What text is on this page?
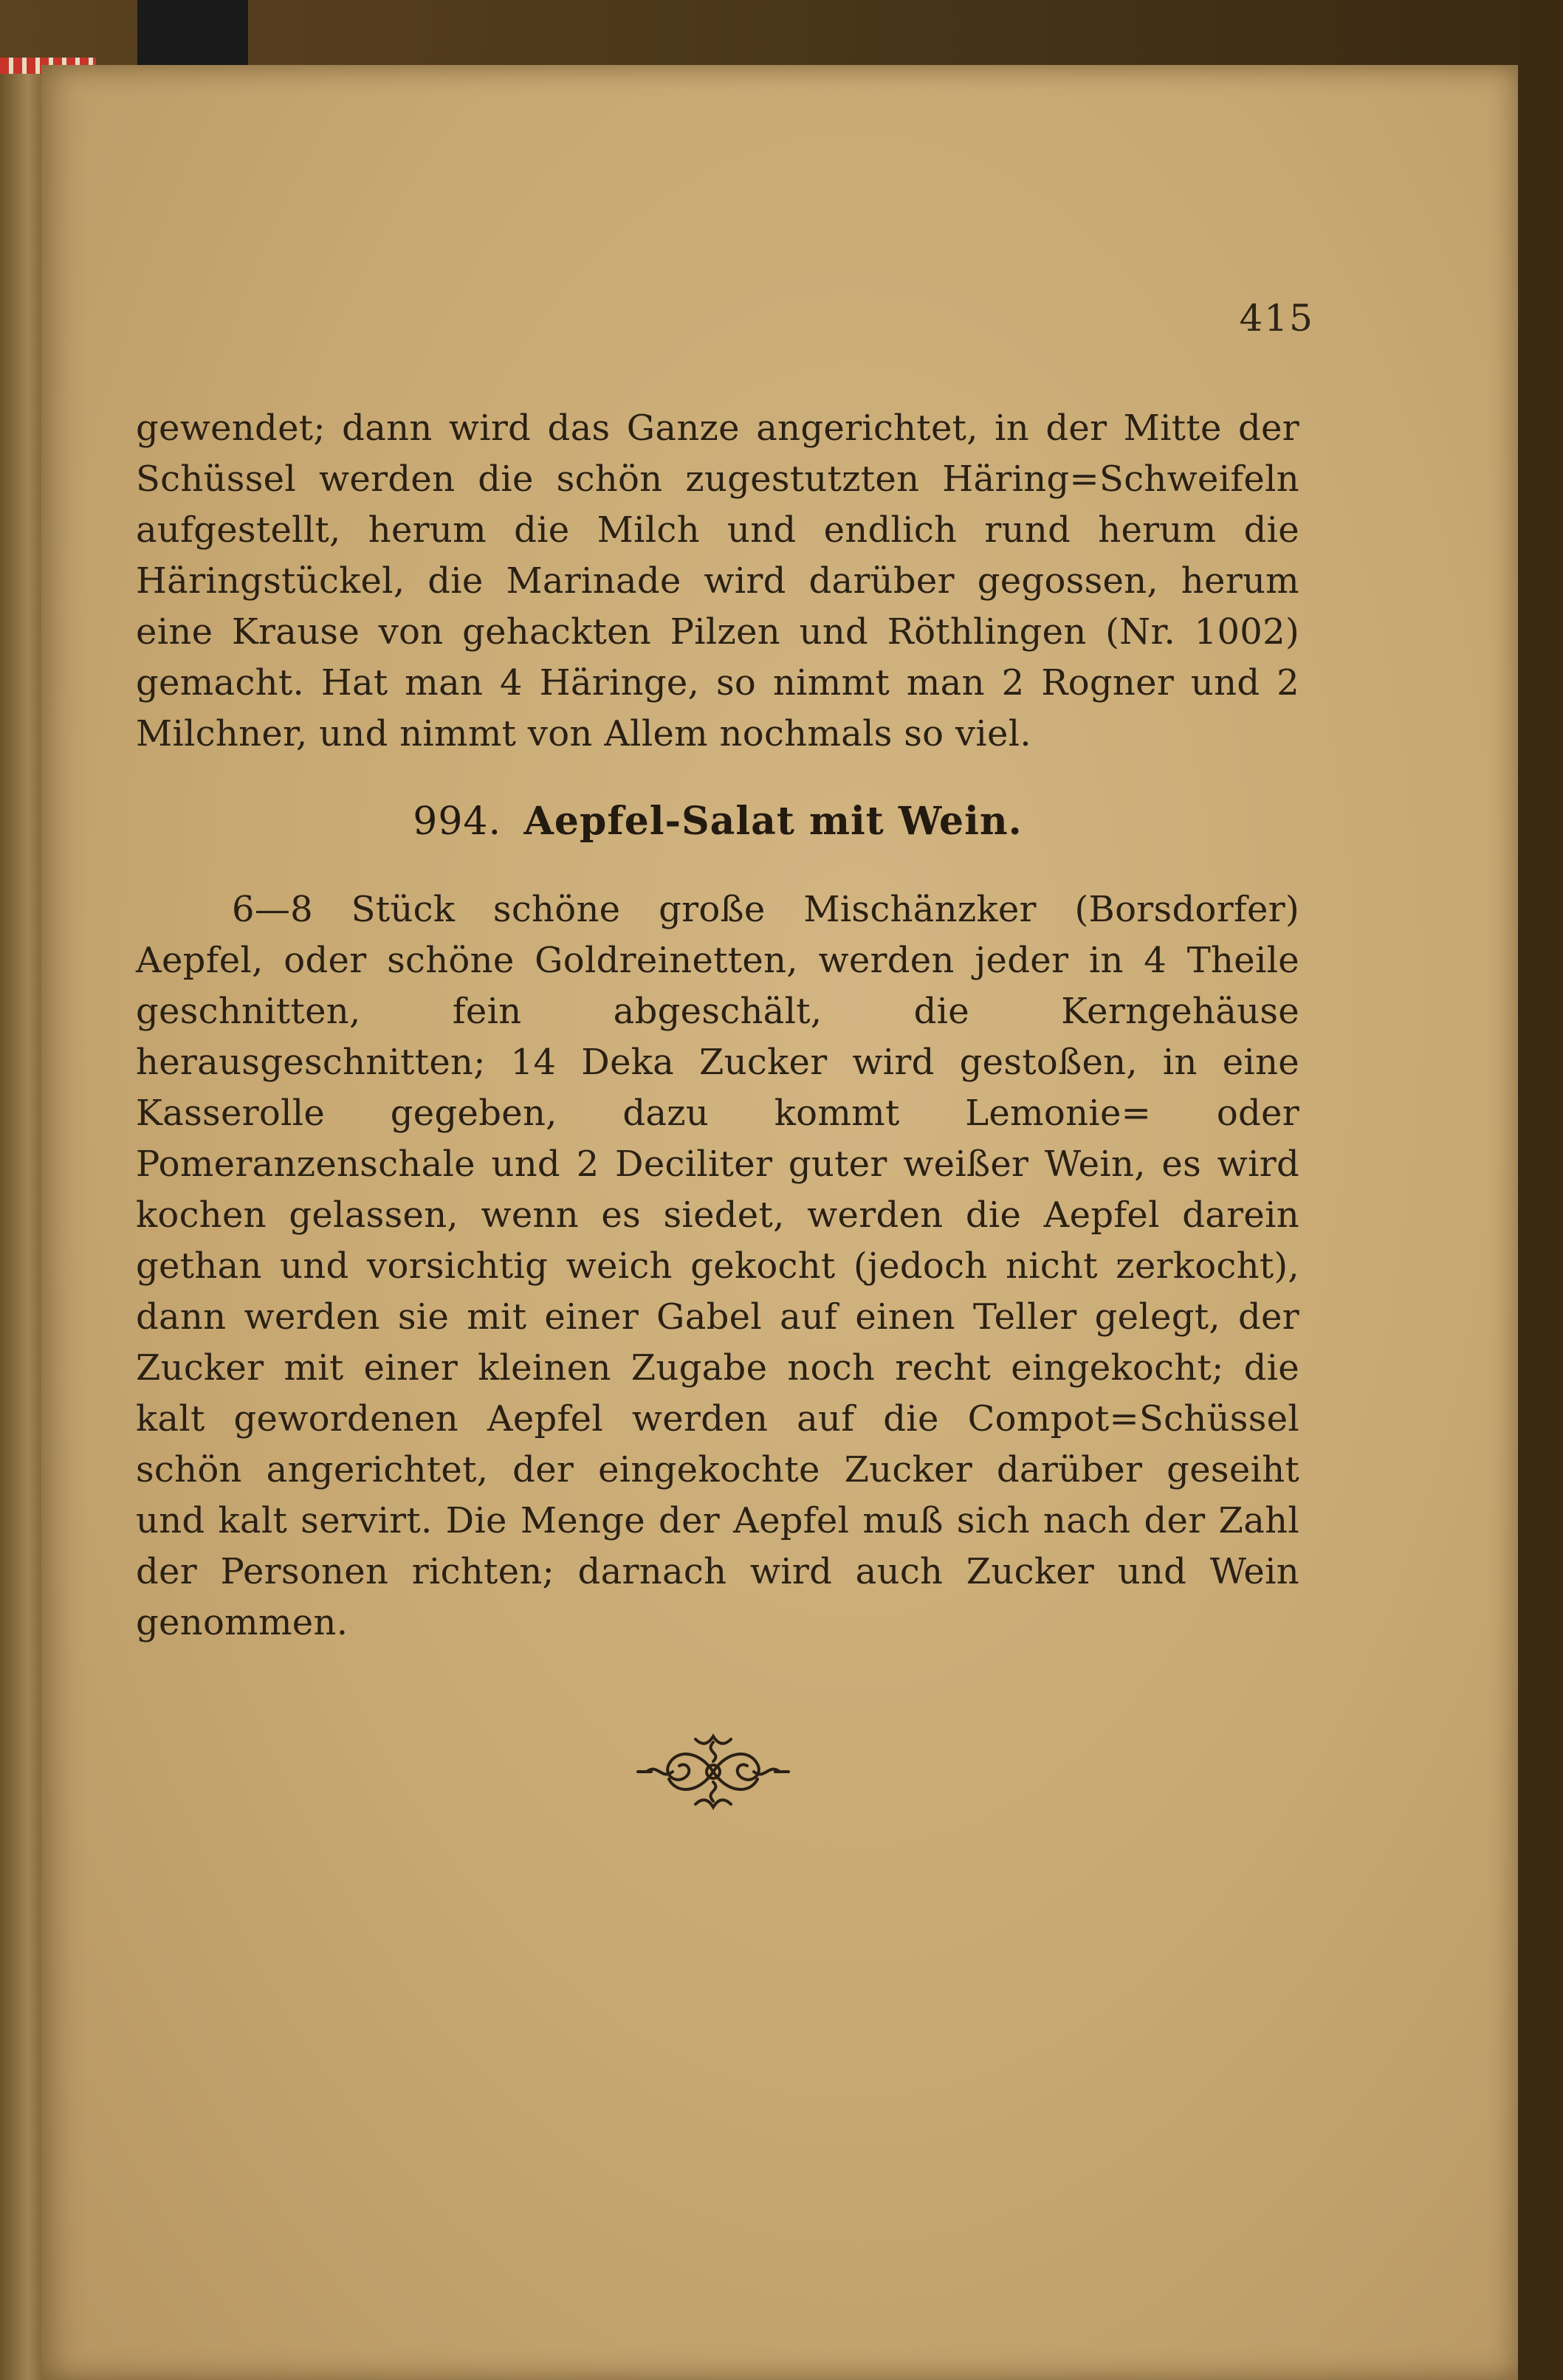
415

gewendet; dann wird das Ganze angerichtet, in der Mitte der Schüssel werden die schön zugestutzten Häring=Schweifeln aufgestellt, herum die Milch und endlich rund herum die Häringstückel, die Marinade wird darüber gegossen, herum eine Krause von gehackten Pilzen und Röthlingen (Nr. 1002) gemacht. Hat man 4 Häringe, so nimmt man 2 Rogner und 2 Milchner, und nimmt von Allem nochmals so viel.

994. Aepfel-Salat mit Wein.

6—8 Stück schöne große Mischänzker (Borsdorfer) Aepfel, oder schöne Goldreinetten, werden jeder in 4 Theile geschnitten, fein abgeschält, die Kerngehäuse herausgeschnitten; 14 Deka Zucker wird gestoßen, in eine Kasserolle gegeben, dazu kommt Lemonie= oder Pomeranzenschale und 2 Deciliter guter weißer Wein, es wird kochen gelassen, wenn es siedet, werden die Aepfel darein gethan und vorsichtig weich gekocht (jedoch nicht zerkocht), dann werden sie mit einer Gabel auf einen Teller gelegt, der Zucker mit einer kleinen Zugabe noch recht eingekocht; die kalt gewordenen Aepfel werden auf die Compot=Schüssel schön angerichtet, der eingekochte Zucker darüber geseiht und kalt servirt. Die Menge der Aepfel muß sich nach der Zahl der Personen richten; darnach wird auch Zucker und Wein genommen.
